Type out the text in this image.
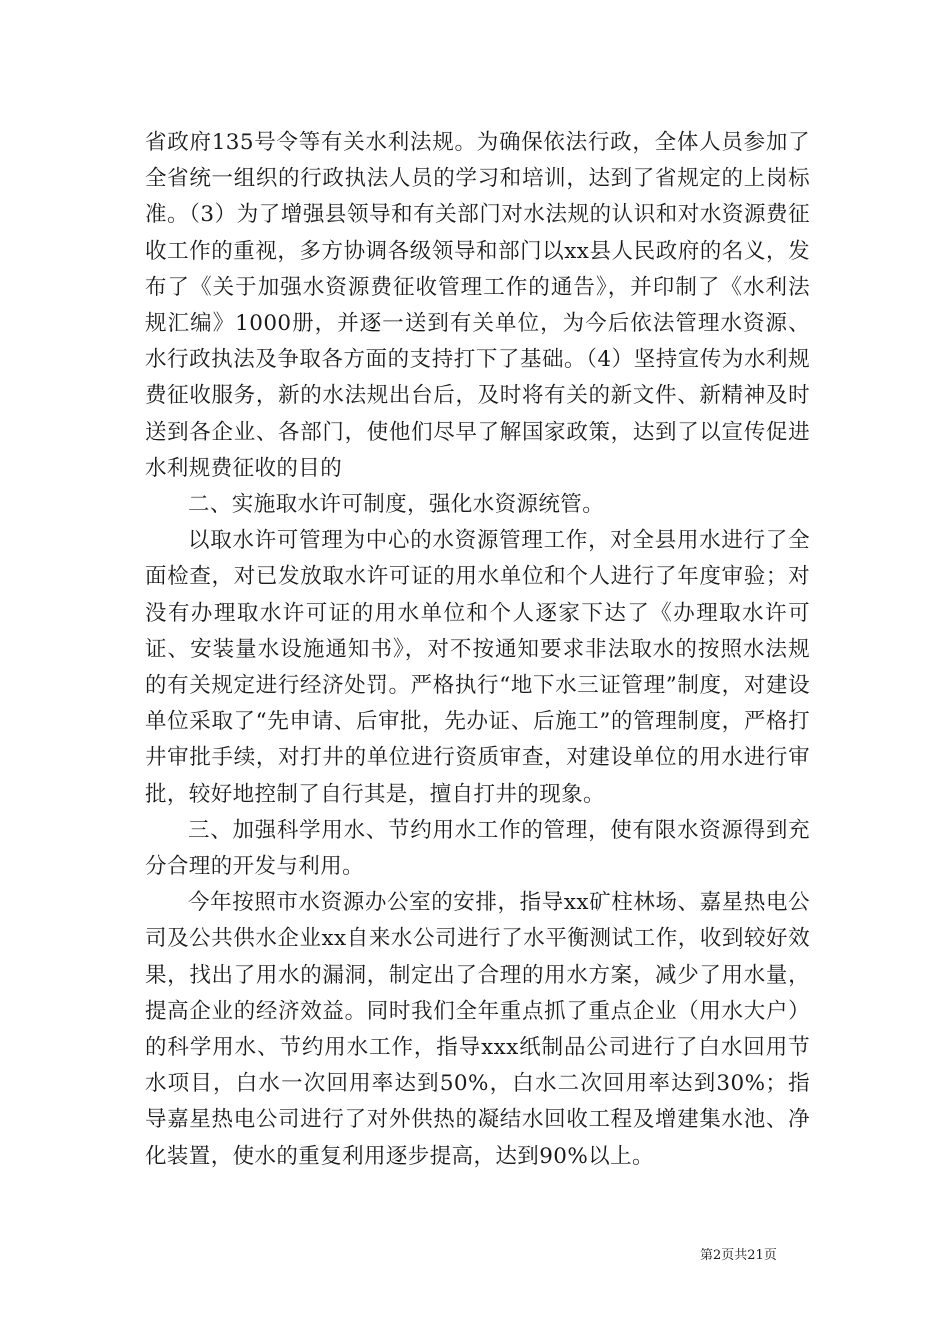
省政府135号令等有关水利法规。为确保依法行政，全体人员参加了全省统一组织的行政执法人员的学习和培训，达到了省规定的上岗标准。（3）为了增强县领导和有关部门对水法规的认识和对水资源费征收工作的重视，多方协调各级领导和部门以xx县人民政府的名义，发布了《关于加强水资源费征收管理工作的通告》，并印制了《水利法规汇编》1000册，并逐一送到有关单位，为今后依法管理水资源、水行政执法及争取各方面的支持打下了基础。（4）坚持宣传为水利规费征收服务，新的水法规出台后，及时将有关的新文件、新精神及时送到各企业、各部门，使他们尽早了解国家政策，达到了以宣传促进水利规费征收的目的

二、实施取水许可制度，强化水资源统管。

以取水许可管理为中心的水资源管理工作，对全县用水进行了全面检查，对已发放取水许可证的用水单位和个人进行了年度审验；对没有办理取水许可证的用水单位和个人逐家下达了《办理取水许可证、安装量水设施通知书》，对不按通知要求非法取水的按照水法规的有关规定进行经济处罚。严格执行“地下水三证管理”制度，对建设单位采取了“先申请、后审批，先办证、后施工”的管理制度，严格打井审批手续，对打井的单位进行资质审查，对建设单位的用水进行审批，较好地控制了自行其是，擅自打井的现象。

三、加强科学用水、节约用水工作的管理，使有限水资源得到充分合理的开发与利用。

今年按照市水资源办公室的安排，指导xx矿柱林场、嘉星热电公司及公共供水企业xx自来水公司进行了水平衡测试工作，收到较好效果，找出了用水的漏洞，制定出了合理的用水方案，减少了用水量，提高企业的经济效益。同时我们全年重点抓了重点企业（用水大户）的科学用水、节约用水工作，指导xxx纸制品公司进行了白水回用节水项目，白水一次回用率达到50%，白水二次回用率达到30%；指导嘉星热电公司进行了对外供热的凝结水回收工程及增建集水池、净化装置，使水的重复利用逐步提高，达到90%以上。

第2页共21页
